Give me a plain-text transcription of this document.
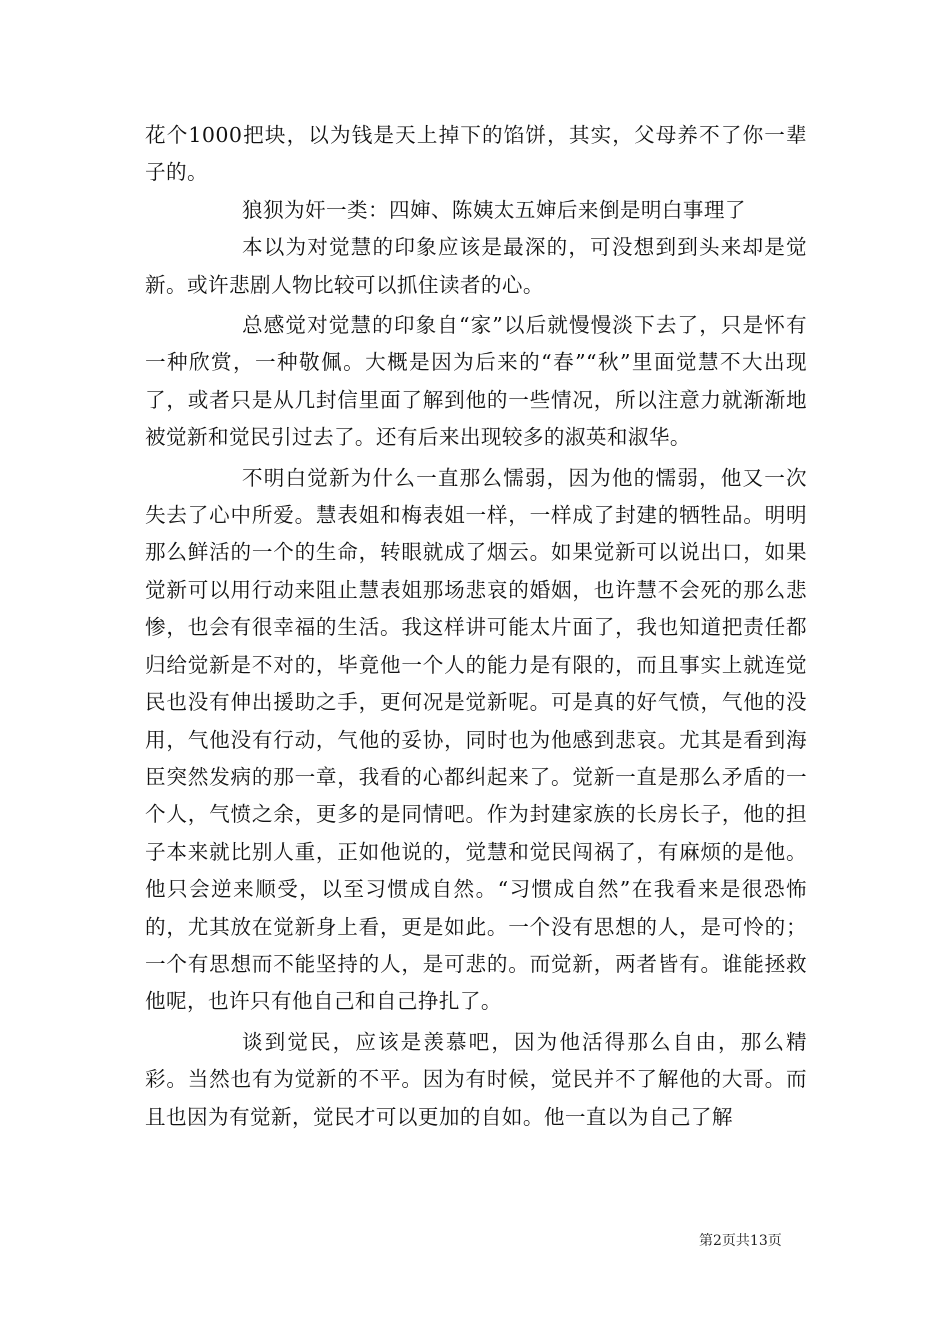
花个1000把块，以为钱是天上掉下的馅饼，其实，父母养不了你一辈子的。

狼狈为奸一类：四婶、陈姨太五婶后来倒是明白事理了

本以为对觉慧的印象应该是最深的，可没想到到头来却是觉新。或许悲剧人物比较可以抓住读者的心。

总感觉对觉慧的印象自“家”以后就慢慢淡下去了，只是怀有一种欣赏，一种敬佩。大概是因为后来的“春”“秋”里面觉慧不大出现了，或者只是从几封信里面了解到他的一些情况，所以注意力就渐渐地被觉新和觉民引过去了。还有后来出现较多的淑英和淑华。

不明白觉新为什么一直那么懦弱，因为他的懦弱，他又一次失去了心中所爱。慧表姐和梅表姐一样，一样成了封建的牺牲品。明明那么鲜活的一个的生命，转眼就成了烟云。如果觉新可以说出口，如果觉新可以用行动来阻止慧表姐那场悲哀的婚姻，也许慧不会死的那么悲惨，也会有很幸福的生活。我这样讲可能太片面了，我也知道把责任都归给觉新是不对的，毕竟他一个人的能力是有限的，而且事实上就连觉民也没有伸出援助之手，更何况是觉新呢。可是真的好气愤，气他的没用，气他没有行动，气他的妥协，同时也为他感到悲哀。尤其是看到海臣突然发病的那一章，我看的心都纠起来了。觉新一直是那么矛盾的一个人，气愤之余，更多的是同情吧。作为封建家族的长房长子，他的担子本来就比别人重，正如他说的，觉慧和觉民闯祸了，有麻烦的是他。他只会逆来顺受，以至习惯成自然。“习惯成自然”在我看来是很恐怖的，尤其放在觉新身上看，更是如此。一个没有思想的人，是可怜的；一个有思想而不能坚持的人，是可悲的。而觉新，两者皆有。谁能拯救他呢，也许只有他自己和自己挣扎了。

谈到觉民，应该是羡慕吧，因为他活得那么自由，那么精彩。当然也有为觉新的不平。因为有时候，觉民并不了解他的大哥。而且也因为有觉新，觉民才可以更加的自如。他一直以为自己了解

第2页共13页
